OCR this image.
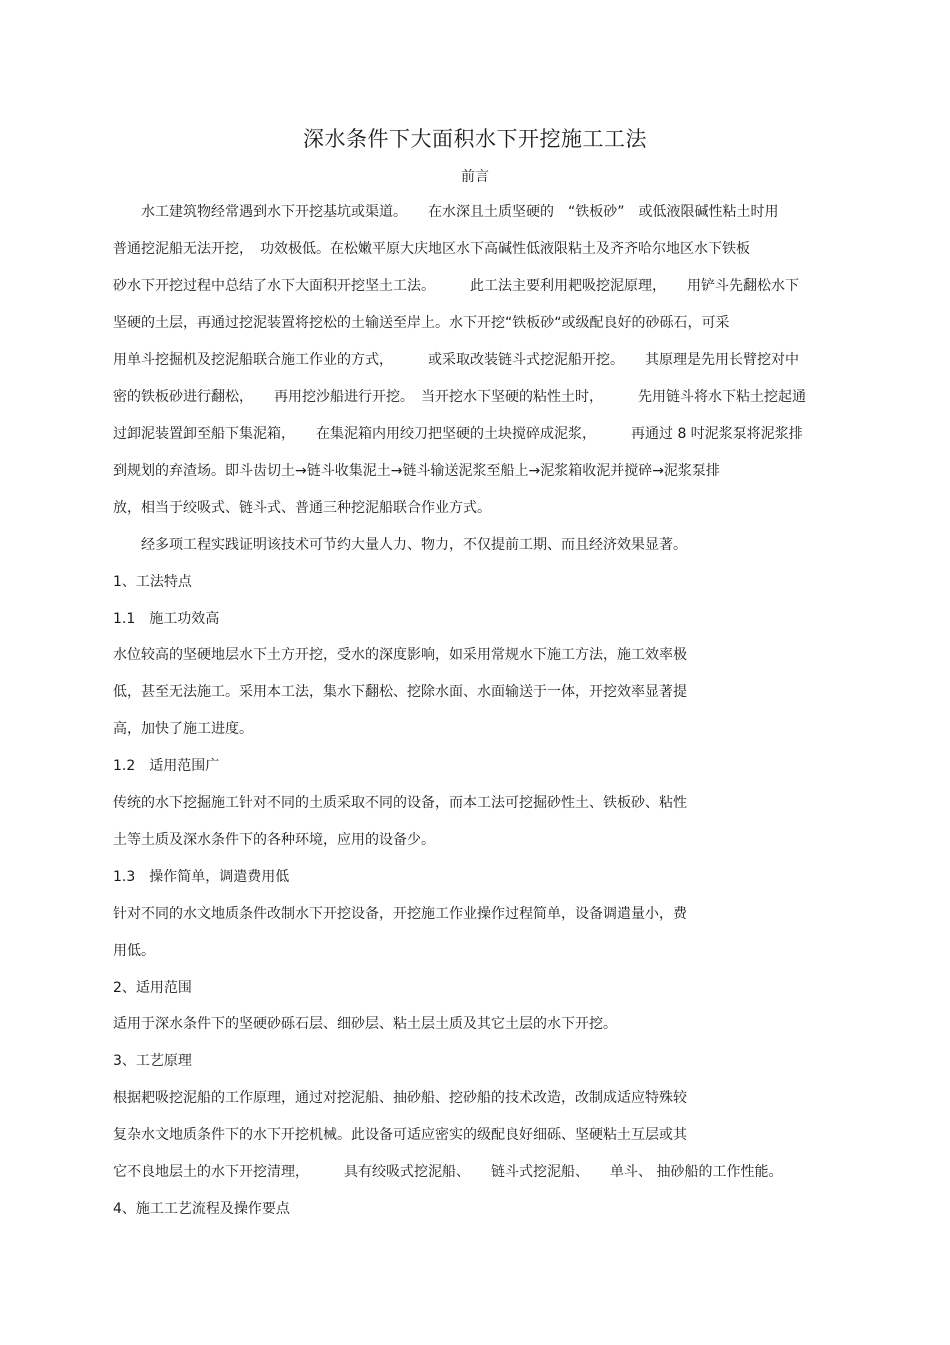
深水条件下大面积水下开挖施工工法
前言
水工建筑物经常遇到水下开挖基坑或渠道。　　在水深且土质坚硬的　“铁板砂”　或低液限碱性粘土时用
普通挖泥船无法开挖，　功效极低。在松嫩平原大庆地区水下高碱性低液限粘土及齐齐哈尔地区水下铁板
砂水下开挖过程中总结了水下大面积开挖坚土工法。　　　此工法主要利用耙吸挖泥原理，　　用铲斗先翻松水下
坚硬的土层，再通过挖泥装置将挖松的土输送至岸上。水下开挖“铁板砂“或级配良好的砂砾石，可采
用单斗挖掘机及挖泥船联合施工作业的方式，　　　或采取改装链斗式挖泥船开挖。　　其原理是先用长臂挖对中
密的铁板砂进行翻松，　　再用挖沙船进行开挖。　当开挖水下坚硬的粘性土时，　　　先用链斗将水下粘土挖起通
过卸泥装置卸至船下集泥箱，　　在集泥箱内用绞刀把坚硬的土块搅碎成泥浆，　　　再通过 8 吋泥浆泵将泥浆排
到规划的弃渣场。即斗齿切土→链斗收集泥土→链斗输送泥浆至船上→泥浆箱收泥并搅碎→泥浆泵排
放，相当于绞吸式、链斗式、普通三种挖泥船联合作业方式。
经多项工程实践证明该技术可节约大量人力、物力，不仅提前工期、而且经济效果显著。
1、工法特点
1.1　施工功效高
水位较高的坚硬地层水下土方开挖，受水的深度影响，如采用常规水下施工方法，施工效率极
低，甚至无法施工。采用本工法，集水下翻松、挖除水面、水面输送于一体，开挖效率显著提
高，加快了施工进度。
1.2　适用范围广
传统的水下挖掘施工针对不同的土质采取不同的设备，而本工法可挖掘砂性土、铁板砂、粘性
土等土质及深水条件下的各种环境，应用的设备少。
1.3　操作简单，调遣费用低
针对不同的水文地质条件改制水下开挖设备，开挖施工作业操作过程简单，设备调遣量小，费
用低。
2、适用范围
适用于深水条件下的坚硬砂砾石层、细砂层、粘土层土质及其它土层的水下开挖。
3、工艺原理
根据耙吸挖泥船的工作原理，通过对挖泥船、抽砂船、挖砂船的技术改造，改制成适应特殊较
复杂水文地质条件下的水下开挖机械。此设备可适应密实的级配良好细砾、坚硬粘土互层或其
它不良地层土的水下开挖清理，　　　具有绞吸式挖泥船、　　链斗式挖泥船、　　单斗、 抽砂船的工作性能。
4、施工工艺流程及操作要点
